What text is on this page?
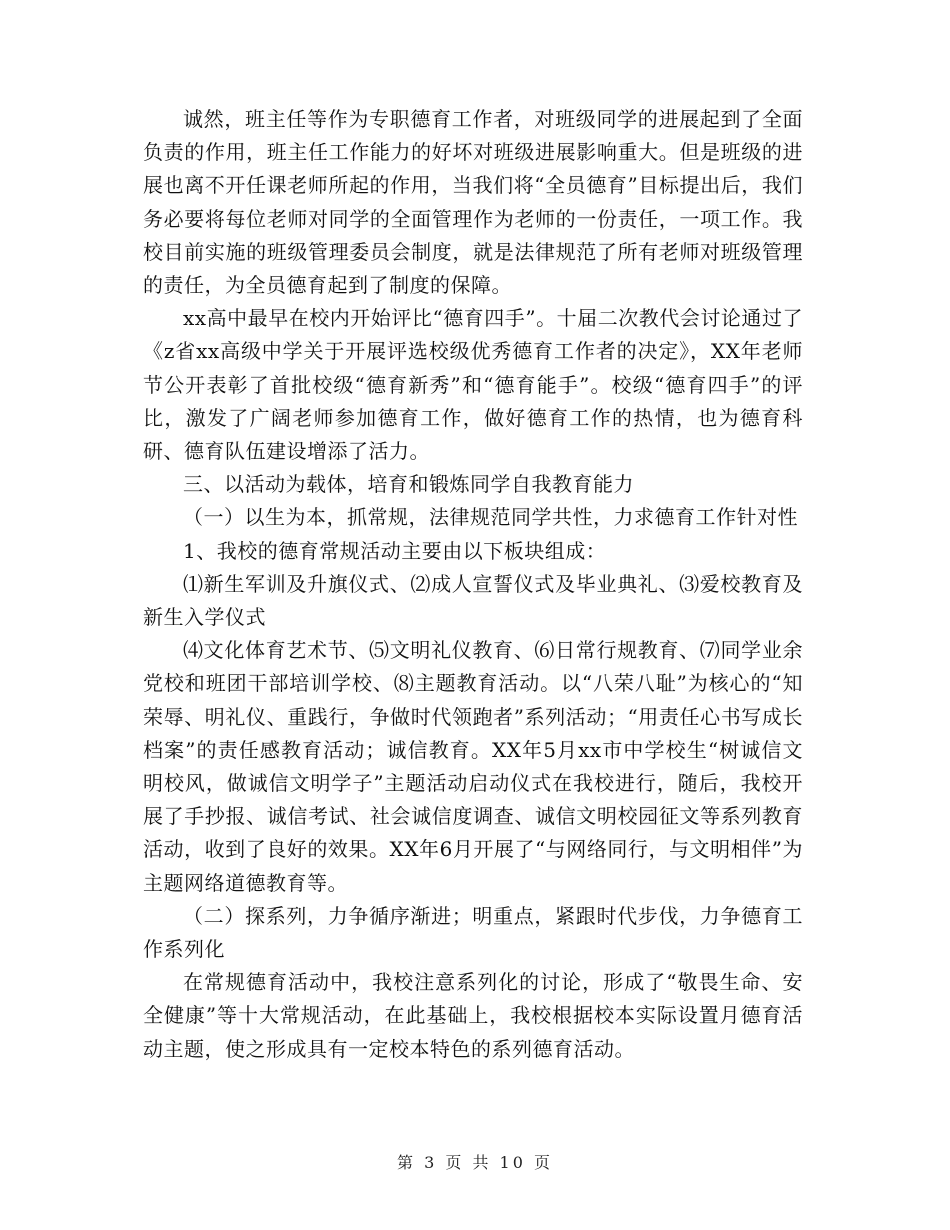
诚然，班主任等作为专职德育工作者，对班级同学的进展起到了全面负责的作用，班主任工作能力的好坏对班级进展影响重大。但是班级的进展也离不开任课老师所起的作用，当我们将“全员德育”目标提出后，我们务必要将每位老师对同学的全面管理作为老师的一份责任，一项工作。我校目前实施的班级管理委员会制度，就是法律规范了所有老师对班级管理的责任，为全员德育起到了制度的保障。

xx高中最早在校内开始评比“德育四手”。十届二次教代会讨论通过了《z省xx高级中学关于开展评选校级优秀德育工作者的决定》，XX年老师节公开表彰了首批校级“德育新秀”和“德育能手”。校级“德育四手”的评比，激发了广阔老师参加德育工作，做好德育工作的热情，也为德育科研、德育队伍建设增添了活力。

三、以活动为载体，培育和锻炼同学自我教育能力

（一）以生为本，抓常规，法律规范同学共性，力求德育工作针对性

1、我校的德育常规活动主要由以下板块组成：

⑴新生军训及升旗仪式、⑵成人宣誓仪式及毕业典礼、⑶爱校教育及新生入学仪式

⑷文化体育艺术节、⑸文明礼仪教育、⑹日常行规教育、⑺同学业余党校和班团干部培训学校、⑻主题教育活动。以“八荣八耻”为核心的“知荣辱、明礼仪、重践行，争做时代领跑者”系列活动；“用责任心书写成长档案”的责任感教育活动；诚信教育。XX年5月xx市中学校生“树诚信文明校风，做诚信文明学子”主题活动启动仪式在我校进行，随后，我校开展了手抄报、诚信考试、社会诚信度调查、诚信文明校园征文等系列教育活动，收到了良好的效果。XX年6月开展了“与网络同行，与文明相伴”为主题网络道德教育等。

（二）探系列，力争循序渐进；明重点，紧跟时代步伐，力争德育工作系列化

在常规德育活动中，我校注意系列化的讨论，形成了“敬畏生命、安全健康”等十大常规活动，在此基础上，我校根据校本实际设置月德育活动主题，使之形成具有一定校本特色的系列德育活动。

第 3 页 共 10 页
